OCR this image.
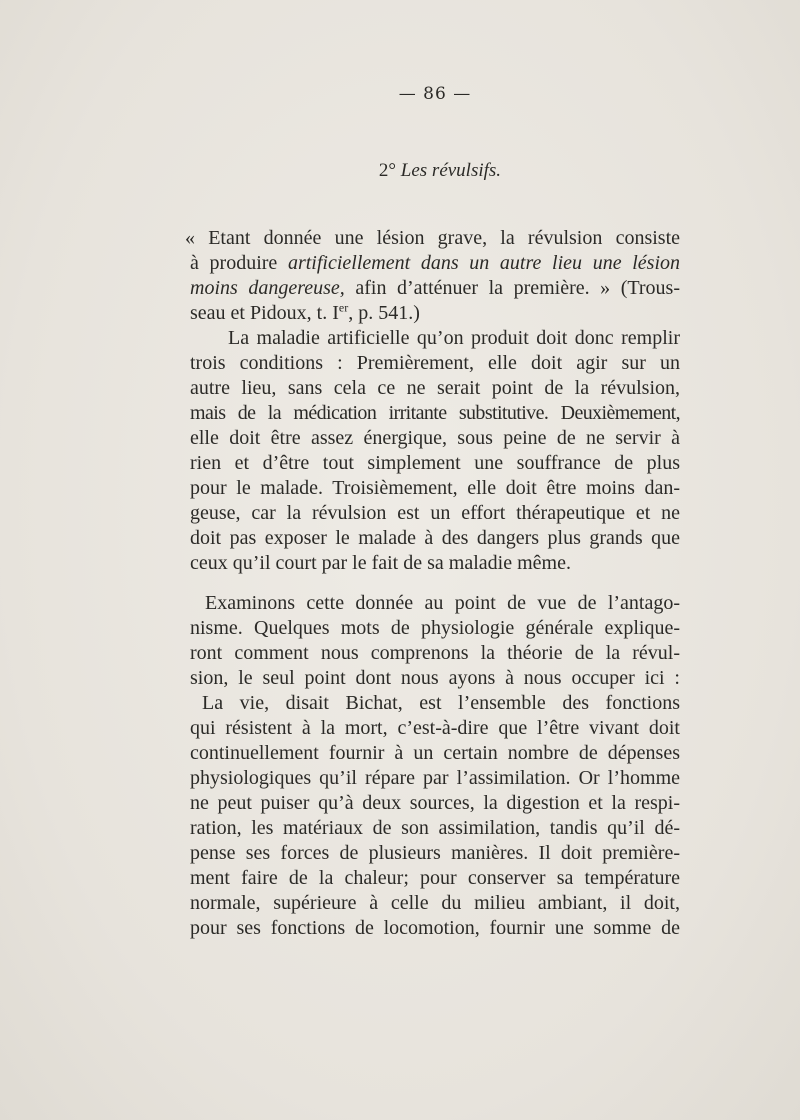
— 86 —
2° Les révulsifs.
« Etant donnée une lésion grave, la révulsion consiste
à produire artificiellement dans un autre lieu une lésion
moins dangereuse, afin d’atténuer la première. » (Trous-
seau et Pidoux, t. Ier, p. 541.)
La maladie artificielle qu’on produit doit donc remplir
trois conditions : Premièrement, elle doit agir sur un
autre lieu, sans cela ce ne serait point de la révulsion,
mais de la médication irritante substitutive. Deuxièmement,
elle doit être assez énergique, sous peine de ne servir à
rien et d’être tout simplement une souffrance de plus
pour le malade. Troisièmement, elle doit être moins dan-
geuse, car la révulsion est un effort thérapeutique et ne
doit pas exposer le malade à des dangers plus grands que
ceux qu’il court par le fait de sa maladie même.
Examinons cette donnée au point de vue de l’antago-
nisme. Quelques mots de physiologie générale explique-
ront comment nous comprenons la théorie de la révul-
sion, le seul point dont nous ayons à nous occuper ici :
La vie, disait Bichat, est l’ensemble des fonctions
qui résistent à la mort, c’est-à-dire que l’être vivant doit
continuellement fournir à un certain nombre de dépenses
physiologiques qu’il répare par l’assimilation. Or l’homme
ne peut puiser qu’à deux sources, la digestion et la respi-
ration, les matériaux de son assimilation, tandis qu’il dé-
pense ses forces de plusieurs manières. Il doit première-
ment faire de la chaleur; pour conserver sa température
normale, supérieure à celle du milieu ambiant, il doit,
pour ses fonctions de locomotion, fournir une somme de
